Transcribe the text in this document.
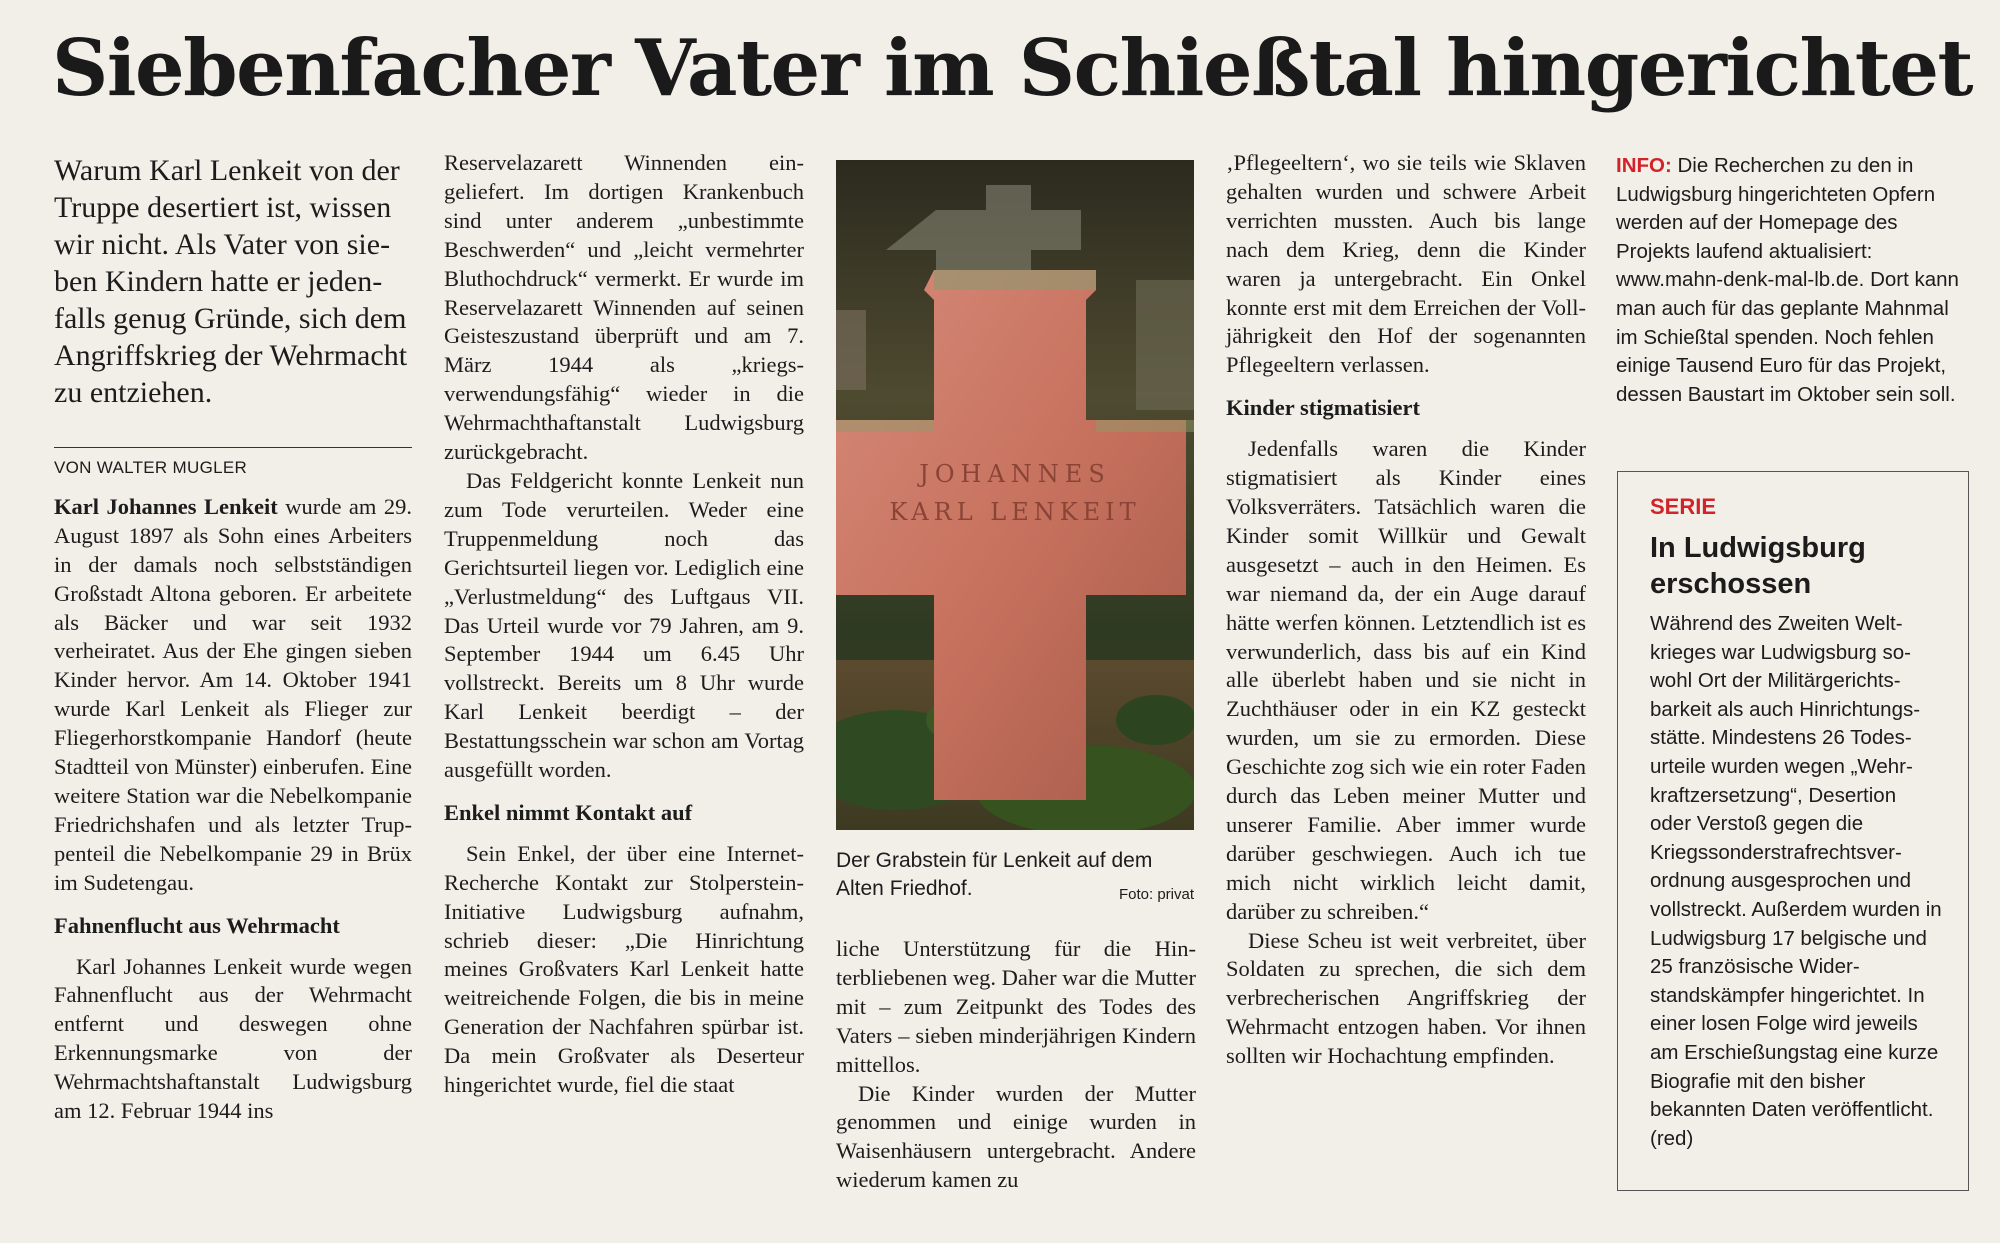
Siebenfacher Vater im Schießtal hingerichtet

Warum Karl Lenkeit von der Truppe desertiert ist, wissen wir nicht. Als Vater von sieben Kindern hatte er jedenfalls genug Gründe, sich dem Angriffskrieg der Wehrmacht zu entziehen.

VON WALTER MUGLER

Karl Johannes Lenkeit wurde am 29. August 1897 als Sohn eines Arbeiters in der damals noch selbstständigen Großstadt Altona geboren. Er arbeitete als Bäcker und war seit 1932 verheiratet. Aus der Ehe gingen sieben Kinder hervor. Am 14. Oktober 1941 wurde Karl Lenkeit als Flieger zur Fliegerhorstkompanie Handorf (heute Stadtteil von Münster) einberufen. Eine weitere Station war die Nebelkompanie Friedrichshafen und als letzter Truppenteil die Nebelkompanie 29 in Brüx im Sudetengau.

Fahnenflucht aus Wehrmacht

Karl Johannes Lenkeit wurde wegen Fahnenflucht aus der Wehrmacht entfernt und deswegen ohne Erkennungsmarke von der Wehrmachtshaftanstalt Ludwigsburg am 12. Februar 1944 ins

Reservelazarett Winnenden eingeliefert. Im dortigen Krankenbuch sind unter anderem „unbestimmte Beschwerden“ und „leicht vermehrter Bluthochdruck“ vermerkt. Er wurde im Reservelazarett Winnenden auf seinen Geisteszustand überprüft und am 7. März 1944 als „kriegsverwendungsfähig“ wieder in die Wehrmachthaftanstalt Ludwigsburg zurückgebracht.

Das Feldgericht konnte Lenkeit nun zum Tode verurteilen. Weder eine Truppenmeldung noch das Gerichtsurteil liegen vor. Lediglich eine „Verlustmeldung“ des Luftgaus VII. Das Urteil wurde vor 79 Jahren, am 9. September 1944 um 6.45 Uhr vollstreckt. Bereits um 8 Uhr wurde Karl Lenkeit beerdigt – der Bestattungsschein war schon am Vortag ausgefüllt worden.

Enkel nimmt Kontakt auf

Sein Enkel, der über eine Internet-Recherche Kontakt zur Stolperstein-Initiative Ludwigsburg aufnahm, schrieb dieser: „Die Hinrichtung meines Großvaters Karl Lenkeit hatte weitreichende Folgen, die bis in meine Generation der Nachfahren spürbar ist. Da mein Großvater als Deserteur hingerichtet wurde, fiel die staat

JOHANNES
KARL LENKEIT
Der Grabstein für Lenkeit auf dem Alten Friedhof.	Foto: privat

liche Unterstützung für die Hinterbliebenen weg. Daher war die Mutter mit – zum Zeitpunkt des Todes des Vaters – sieben minderjährigen Kindern mittellos.

Die Kinder wurden der Mutter genommen und einige wurden in Waisenhäusern untergebracht. Andere wiederum kamen zu

‚Pflegeeltern‘, wo sie teils wie Sklaven gehalten wurden und schwere Arbeit verrichten mussten. Auch bis lange nach dem Krieg, denn die Kinder waren ja untergebracht. Ein Onkel konnte erst mit dem Erreichen der Volljährigkeit den Hof der sogenannten Pflegeeltern verlassen.

Kinder stigmatisiert

Jedenfalls waren die Kinder stigmatisiert als Kinder eines Volksverräters. Tatsächlich waren die Kinder somit Willkür und Gewalt ausgesetzt – auch in den Heimen. Es war niemand da, der ein Auge darauf hätte werfen können. Letztendlich ist es verwunderlich, dass bis auf ein Kind alle überlebt haben und sie nicht in Zuchthäuser oder in ein KZ gesteckt wurden, um sie zu ermorden. Diese Geschichte zog sich wie ein roter Faden durch das Leben meiner Mutter und unserer Familie. Aber immer wurde darüber geschwiegen. Auch ich tue mich nicht wirklich leicht damit, darüber zu schreiben.“

Diese Scheu ist weit verbreitet, über Soldaten zu sprechen, die sich dem verbrecherischen Angriffskrieg der Wehrmacht entzogen haben. Vor ihnen sollten wir Hochachtung empfinden.

INFO: Die Recherchen zu den in Ludwigsburg hingerichteten Opfern werden auf der Homepage des Projekts laufend aktualisiert: www.mahn-denk-mal-lb.de. Dort kann man auch für das geplante Mahnmal im Schießtal spenden. Noch fehlen einige Tausend Euro für das Projekt, dessen Baustart im Oktober sein soll.
SERIE
In Ludwigsburg erschossen

Während des Zweiten Weltkrieges war Ludwigsburg sowohl Ort der Militärgerichtsbarkeit als auch Hinrichtungsstätte. Mindestens 26 Todesurteile wurden wegen „Wehrkraftzersetzung“, Desertion oder Verstoß gegen die Kriegssonderstrafrechtsverordnung ausgesprochen und vollstreckt. Außerdem wurden in Ludwigsburg 17 belgische und 25 französische Widerstandskämpfer hingerichtet. In einer losen Folge wird jeweils am Erschießungstag eine kurze Biografie mit den bisher bekannten Daten veröffentlicht. (red)
